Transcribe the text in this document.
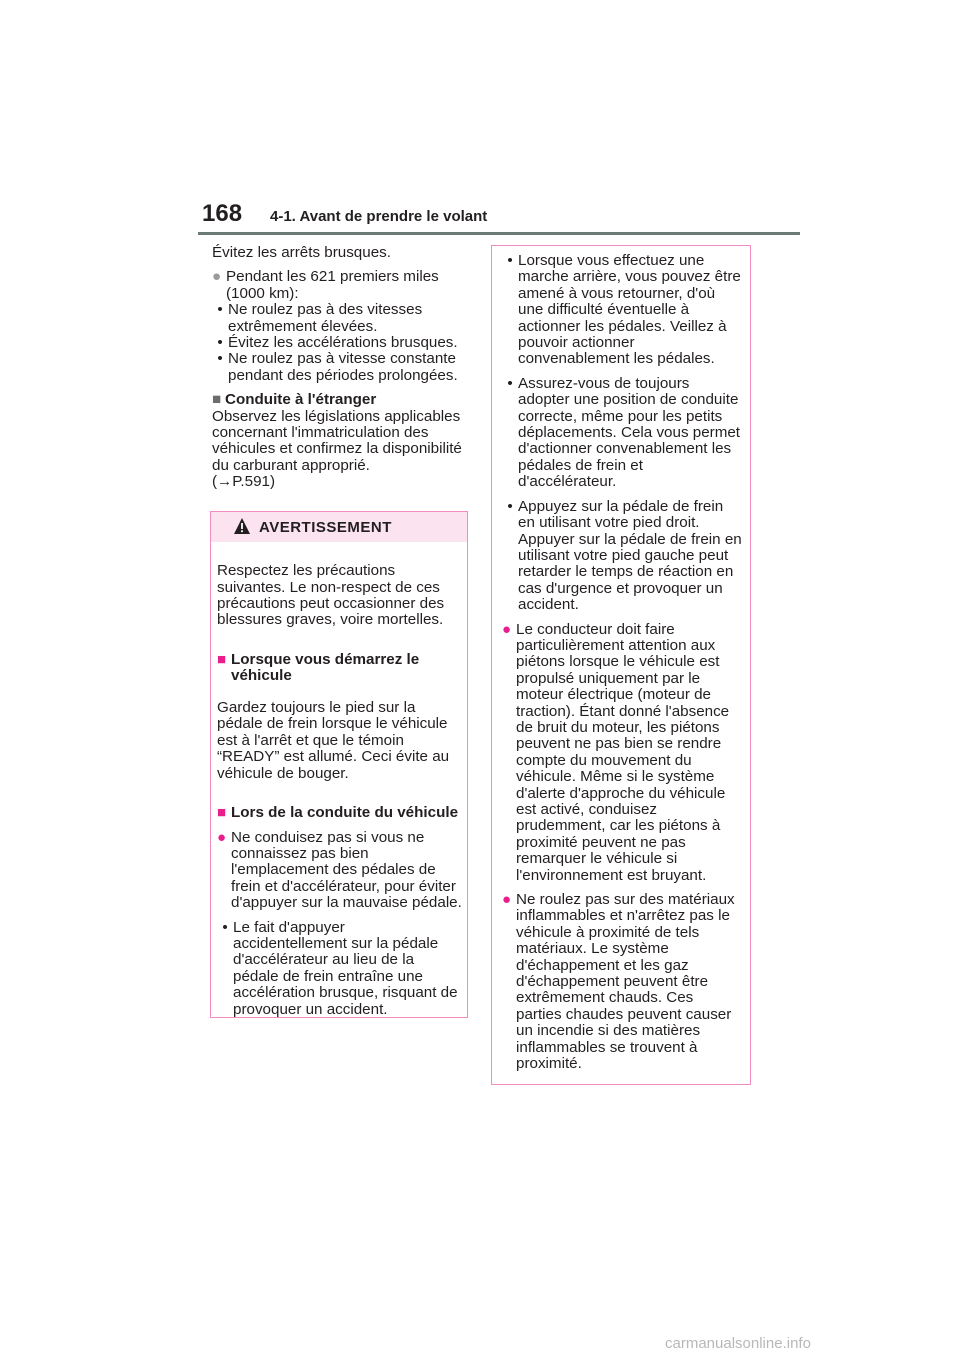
168 4-1. Avant de prendre le volant

Évitez les arrêts brusques.

● Pendant les 621 premiers miles (1000 km):
• Ne roulez pas à des vitesses extrêmement élevées.
• Évitez les accélérations brusques.
• Ne roulez pas à vitesse constante pendant des périodes prolongées.
■ Conduite à l'étranger

Observez les législations applicables concernant l'immatriculation des véhicules et confirmez la disponibilité du carburant approprié.

(→P.591)

AVERTISSEMENT

Respectez les précautions suivantes. Le non-respect de ces précautions peut occasionner des blessures graves, voire mortelles.

■ Lorsque vous démarrez le véhicule

Gardez toujours le pied sur la pédale de frein lorsque le véhicule est à l'arrêt et que le témoin “READY” est allumé. Ceci évite au véhicule de bouger.

■ Lors de la conduite du véhicule
● Ne conduisez pas si vous ne connaissez pas bien l'emplacement des pédales de frein et d'accélérateur, pour éviter d'appuyer sur la mauvaise pédale.
• Le fait d'appuyer accidentellement sur la pédale d'accélérateur au lieu de la pédale de frein entraîne une accélération brusque, risquant de provoquer un accident.
• Lorsque vous effectuez une marche arrière, vous pouvez être amené à vous retourner, d'où une difficulté éventuelle à actionner les pédales. Veillez à pouvoir actionner convenablement les pédales.
• Assurez-vous de toujours adopter une position de conduite correcte, même pour les petits déplacements. Cela vous permet d'actionner convenablement les pédales de frein et d'accélérateur.
• Appuyez sur la pédale de frein en utilisant votre pied droit. Appuyer sur la pédale de frein en utilisant votre pied gauche peut retarder le temps de réaction en cas d'urgence et provoquer un accident.
● Le conducteur doit faire particulièrement attention aux piétons lorsque le véhicule est propulsé uniquement par le moteur électrique (moteur de traction). Étant donné l'absence de bruit du moteur, les piétons peuvent ne pas bien se rendre compte du mouvement du véhicule. Même si le système d'alerte d'approche du véhicule est activé, conduisez prudemment, car les piétons à proximité peuvent ne pas remarquer le véhicule si l'environnement est bruyant.
● Ne roulez pas sur des matériaux inflammables et n'arrêtez pas le véhicule à proximité de tels matériaux. Le système d'échappement et les gaz d'échappement peuvent être extrêmement chauds. Ces parties chaudes peuvent causer un incendie si des matières inflammables se trouvent à proximité.
carmanualsonline.info
